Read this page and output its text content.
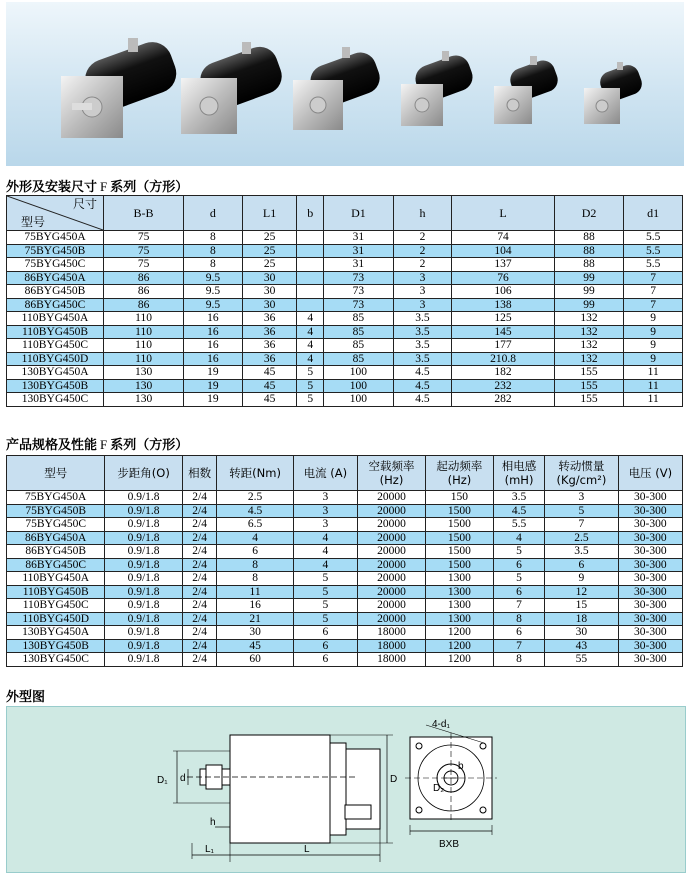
外形及安装尺寸 F 系列（方形）
尺寸
型号	B-B	d	L1	b	D1	h	L	D2	d1
75BYG450A	75	8	25		31	2	74	88	5.5
75BYG450B	75	8	25		31	2	104	88	5.5
75BYG450C	75	8	25		31	2	137	88	5.5
86BYG450A	86	9.5	30		73	3	76	99	7
86BYG450B	86	9.5	30		73	3	106	99	7
86BYG450C	86	9.5	30		73	3	138	99	7
110BYG450A	110	16	36	4	85	3.5	125	132	9
110BYG450B	110	16	36	4	85	3.5	145	132	9
110BYG450C	110	16	36	4	85	3.5	177	132	9
110BYG450D	110	16	36	4	85	3.5	210.8	132	9
130BYG450A	130	19	45	5	100	4.5	182	155	11
130BYG450B	130	19	45	5	100	4.5	232	155	11
130BYG450C	130	19	45	5	100	4.5	282	155	11
产品规格及性能 F 系列（方形）
型号	步距角(O)	相数	转距(Nm)	电流 (A)	空载频率
(Hz)	起动频率
(Hz)	相电感
(mH)	转动惯量
(Kg/cm²)	电压 (V)
75BYG450A	0.9/1.8	2/4	2.5	3	20000	150	3.5	3	30-300
75BYG450B	0.9/1.8	2/4	4.5	3	20000	1500	4.5	5	30-300
75BYG450C	0.9/1.8	2/4	6.5	3	20000	1500	5.5	7	30-300
86BYG450A	0.9/1.8	2/4	4	4	20000	1500	4	2.5	30-300
86BYG450B	0.9/1.8	2/4	6	4	20000	1500	5	3.5	30-300
86BYG450C	0.9/1.8	2/4	8	4	20000	1500	6	6	30-300
110BYG450A	0.9/1.8	2/4	8	5	20000	1300	5	9	30-300
110BYG450B	0.9/1.8	2/4	11	5	20000	1300	6	12	30-300
110BYG450C	0.9/1.8	2/4	16	5	20000	1300	7	15	30-300
110BYG450D	0.9/1.8	2/4	21	5	20000	1300	8	18	30-300
130BYG450A	0.9/1.8	2/4	30	6	18000	1200	6	30	30-300
130BYG450B	0.9/1.8	2/4	45	6	18000	1200	7	43	30-300
130BYG450C	0.9/1.8	2/4	60	6	18000	1200	8	55	30-300
外型图
D₁ d
h
L₁	L
D
4-d₁
b
D₂
BXB
